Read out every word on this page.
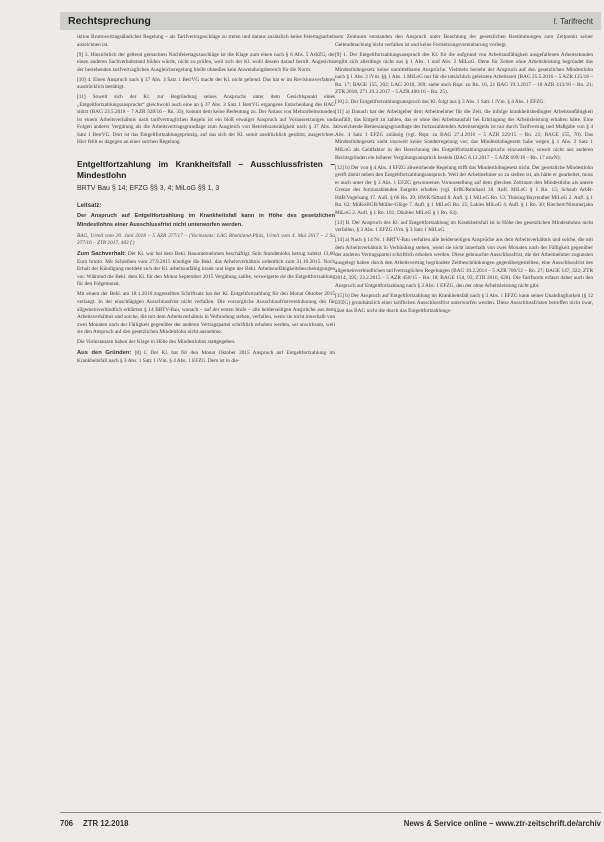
Rechtsprechung	I. Tarifrecht

iktion Bruttovertragsähnlicher Regelung – als Tarifvertragsschläge zu treten und daraus zusätzlich keine Feiertagsarbeit anzeichnen ist.

[9] 3. Hinsichtlich der geltend gemachten Nachfeiertagszuschläge ist die Klage zum einen nach § 6 Abs. 5 ArbZG, der einen anderen Sachverhaltstand bilden würde, nicht zu prüfen, weil sich der Kl. wohl dessen darauf beruft. Angesichts der bestehenden tarifvertraglichen Ausgleichsregelung bleibt ohnedies kein Anwendungsbereich für die Norm.

[10] 4. Einen Anspruch nach § 37 Abs. 3 Satz 1 BetrVG macht der Kl. nicht geltend. Das hat er im Revisionsverfahren ausdrücklich bestätigt.

[11] Soweit sich der Kl. zur Begründung seines Anspruchs unter dem Gesichtspunkt eines „Entgeltfortzahlungsanspruchs“ gleichwohl auch eine an § 37 Abs. 3 Satz 1 BetrVG ergangene Entscheidung des BAG stützt (BAG 23.5.2018 – 7 AZR 328/16 – Rn. 33), kommt dem keine Bedeutung zu. Der Anlass von Mehrarbeitsstunden ist einem Arbeitsverhältnis nach tarifvertraglichen Regeln ist ein bloß etwaiger Anspruch auf Voraussetzungen und Folgen anderer Vergütung als die Arbeitsvertragsgrundlage zum Ausgleich von Betriebsratstätigkeit nach § 37 Abs. 3 Satz 1 BetrVG. Dort ist das Entgeltfortzahlungsprinzip, auf das sich der Kl. somit ausdrücklich gestützt, ausgerichtet. Hier fehlt es dagegen an einer solchen Regelung.

Entgeltfortzahlung im Krankheitsfall – Ausschlussfristen – Mindestlohn
BRTV Bau § 14; EFZG §§ 3, 4; MiLoG §§ 1, 3
Leitsatz:
Der Anspruch auf Entgeltfortzahlung im Krankheitsfall kann in Höhe des gesetzlichen Mindestlohns einer Ausschlussfrist nicht unterworfen werden.

BAG, Urteil vom 20. Juni 2018 – 5 AZR 377/17 – (Vorinstanz: LAG Rheinland-Pfalz, Urteil vom 4. Mai 2017 – 2 Sa 377/16 – ZTR 2017, 483 f.)

Zum Sachverhalt: Der Kl. war bei dem Bekl. Bauunternehmen beschäftigt. Sein Stundenlohn betrug zuletzt 13,00 Euro brutto. Mit Schreiben vom 27.9.2015 kündigte die Bekl. das Arbeitsverhältnis ordentlich zum 31.10.2015. Noch Erhalt der Kündigung meldete sich der Kl. arbeitsunfähig krank und legte der Bekl. Arbeitsunfähigkeitsbescheinigungen vor. Während die Bekl. dem Kl. für den Monat September 2015 Vergütung zahlte, verweigerte sie die Entgeltfortzahlung für den Folgemonat.

Mit einem der Bekl. am 18.1.2016 zugestellten Schriftsatz hat der Kl. Entgeltfortzahlung für den Monat Oktober 2015 verlangt. In der einschlägigen Ausschlussfrist nicht verfallen. Die vorsorgliche Ausschlussfristvereinbarung des für allgemeinverbindlich erklärten § 14 BRTV-Bau, wonach – auf der ersten Stufe – alle beiderseitigen Ansprüche aus dem Arbeitsverhältnis und solche, die mit dem Arbeitsverhältnis in Verbindung stehen, verfallen, wenn sie nicht innerhalb von zwei Monaten nach der Fälligkeit gegenüber der anderen Vertragspartei schriftlich erhoben werden, sei unwirksam, weil sie den Anspruch auf den gesetzlichen Mindestlohn nicht ausnehme.

Die Vorinstanzen haben der Klage in Höhe des Mindestlohns stattgegeben.

Aus den Gründen: [8] I. Der Kl. hat für den Monat Oktober 2015 Anspruch auf Entgeltfortzahlung im Krankheitsfall nach § 3 Abs. 1 Satz 1 iVm. § 4 Abs. 1 EFZG. Dem ist in die-

sem Zeitraum entstanden den Anspruch unter Beachtung der gesetzlichen Bestimmungen zum Zeitpunkt seiner Geltendmachung nicht verfallen ist und keine Fortsetzungsvereinbarung vorliegt.

[9] 1. Der Entgeltfortzahlungsanspruch des Kl. für die aufgrund von Arbeitsunfähigkeit ausgefallenen Arbeitsstunden ergibt sich allerdings nicht aus § 1 Abs. 1 und Abs. 2 MiLoG. Denn für Zeiten ohne Arbeitsleistung begründet das Mindestlohngesetz keine unmittelbaren Ansprüche. Vielmehr besteht der Anspruch auf den gesetzlichen Mindestlohn nach § 1 Abs. 2 iVm. §§ 1 Abs. 1 MiLoG nur für die tatsächlich geleistete Arbeitszeit (BAG 25.5.2016 – 5 AZR 135/16 – Rn. 17; BAGE 155, 202; LAG 2018, 369; siehe auch Rspr. zu Rn. 16, 21 BAG 19.3.2017 – 10 AZR 413/16 – Rn. 21; ZTR 2018, 271 29.3.2017 – 5 AZR 400/16 – Rn. 25).

[10] 2. Der Entgeltfortzahlungsanspruch des Kl. folgt aus § 3 Abs. 1 Satz 1 iVm. § 4 Abs. 1 EFZG.

[11] a) Danach hat der Arbeitgeber dem Arbeitnehmer für die Zeit, die infolge krankheitsbedingter Arbeitsunfähigkeit ausfällt, das Entgelt zu zahlen, das er ohne den Arbeitsausfall bei Erbringung der Arbeitsleistung erhalten hätte. Eine abweichende Bemessungsgrundlage des fortzuzahlenden Arbeitsentgelts ist nur durch Tarifvertrag und Maßgabe von § 4 Abs. 4 Satz 1 EFZG zulässig (vgl. Rspr. zu BAG 27.4.2016 – 5 AZR 229/15 – Rn. 21; BAGE 155, 70). Das Mindestlohngesetz sieht insoweit keine Sonderregelung vor; das Mindestlohngesetz habe wegen § 1 Abs. 2 Satz 1 MiLoG als Geldfaktor in der Berechnung des Entgeltfortzahlungsanspruchs einzustellen, soweit nicht aus anderen Rechtsgründen ein höherer Vergütungsanspruch besteht (BAG 6.12.2017 – 5 AZR 699/16 – Rn. 17 mwN).

[12] b) Der von § 4 Abs. 4 EFZG abweichende Regelung trifft das Mindestlohngesetz nicht. Der gesetzliche Mindestlohn greift damit neben den Entgeltfortzahlungsanspruch. Weil der Arbeitnehmer so zu stellen ist, als hätte er gearbeitet, muss er auch unter der § 3 Abs. 1 EFZG gewonnenen Vorausstellung auf dem gleichen Zeitraum den Mindestlohn als untere Grenze des fortzuzahlenden Entgelts erhalten (vgl. ErfK/Reinhard 18. Aufl. MiLoG § 1 Rn. 15; Schaub ArbR-HdB/Vogelsang 17. Aufl. § 66 Rn. 29; HWK/Sittard 8. Aufl. § 1 MiLoG Rn. 13; Thüsing/Bayreuther MiLoG 2. Aufl. § 1 Rn. 62; MüKoBGB/Müller-Glöge 7. Aufl. § 1 MiLoG Rn. 25; Lakies MiLoG 4. Aufl. § 1 Rn. 30; Riechert/Nimmerjahn MiLoG 2. Aufl. § 1 Rn. 101; Däubler MiLoG § 1 Rn. 63).

[13] II. Der Anspruch des Kl. auf Entgeltfortzahlung im Krankheitsfall ist in Höhe des gesetzlichen Mindestlohns nicht verfallen, § 3 Abs. 1 EFZG iVm. § 3 Satz 1 MiLoG.

[14] a) Nach § 14 Nr. 1 BRTV-Bau verfallen alle beiderseitigen Ansprüche aus dem Arbeitsverhältnis und solche, die mit dem Arbeitsverhältnis in Verbindung stehen, wenn sie nicht innerhalb von zwei Monaten nach der Fälligkeit gegenüber der anderen Vertragspartei schriftlich erhoben werden. Diese gebrauchte Ausschlussfrist, die der Arbeitnehmer zugunsten ausgelegt haben durch den Arbeitsvertrag begründete Zeitbeschränkungen gegenübergestellten, eine Ausschlussfrist des allgemeinverbindlichen tarifvertraglichen Regelungen (BAG 19.2.2014 – 5 AZR 700/12 – Rn. 27; BAGE 147, 322; ZTR 2014, 395; 23.2.2015 – 5 AZR 450/15 – Rn. 18; BAGE 154, 93; ZTR 2016, 628). Die Tarifnorm erfasst daher auch den Anspruch auf Entgeltfortzahlung nach § 3 Abs. 1 EFZG, den der ohne Arbeitsleistung nicht gibt.

[15] b) Der Anspruch auf Entgeltfortzahlung im Krankheitsfall nach § 3 Abs. 1 EFZG kann seiner Unabdingbarkeit (§ 12 EFZG) grundsätzlich einer tariflichen Ausschlussfrist unterworfen werden. Diese Ausschlussfristen betreffen nicht zwar, lässt das BAG nicht die durch das Entgeltfortzahlungs-

706 ZTR 12.2018	News & Service online – www.ztr-zeitschrift.de/archiv
